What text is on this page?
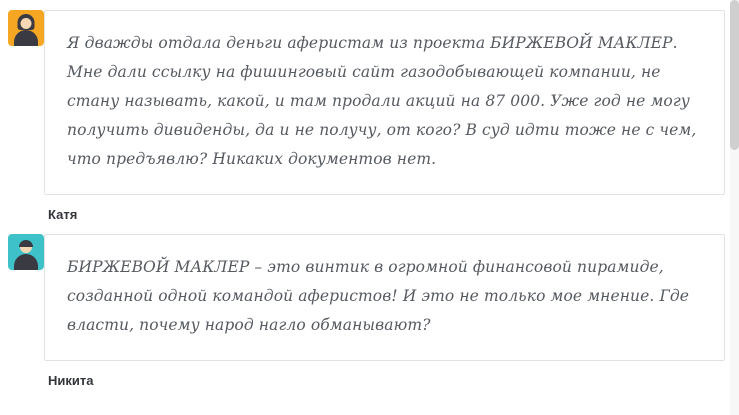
Я дважды отдала деньги аферистам из проекта БИРЖЕВОЙ МАКЛЕР. Мне дали ссылку на фишинговый сайт газодобывающей компании, не стану называть, какой, и там продали акций на 87 000. Уже год не могу получить дивиденды, да и не получу, от кого? В суд идти тоже не с чем, что предъявлю? Никаких документов нет.

Катя

БИРЖЕВОЙ МАКЛЕР – это винтик в огромной финансовой пирамиде, созданной одной командой аферистов! И это не только мое мнение. Где власти, почему народ нагло обманывают?

Никита
